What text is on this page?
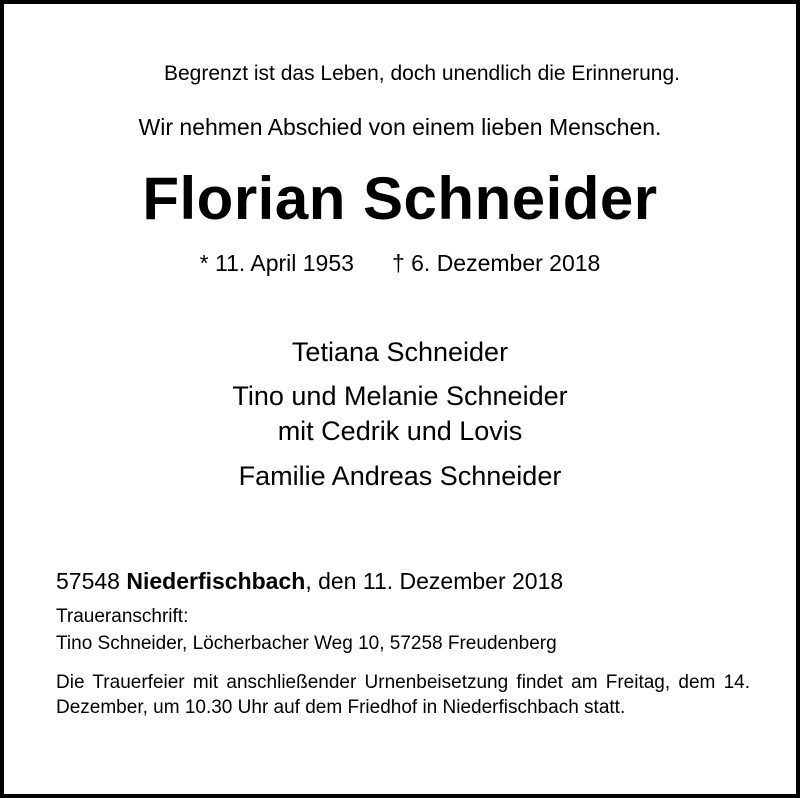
Begrenzt ist das Leben, doch unendlich die Erinnerung.
Wir nehmen Abschied von einem lieben Menschen.
Florian Schneider
* 11. April 1953 † 6. Dezember 2018
Tetiana Schneider
Tino und Melanie Schneider
mit Cedrik und Lovis
Familie Andreas Schneider
57548 Niederfischbach, den 11. Dezember 2018
Traueranschrift:
Tino Schneider, Löcherbacher Weg 10, 57258 Freudenberg
Die Trauerfeier mit anschließender Urnenbeisetzung findet am Freitag, dem 14. Dezember, um 10.30 Uhr auf dem Friedhof in Niederfischbach statt.
